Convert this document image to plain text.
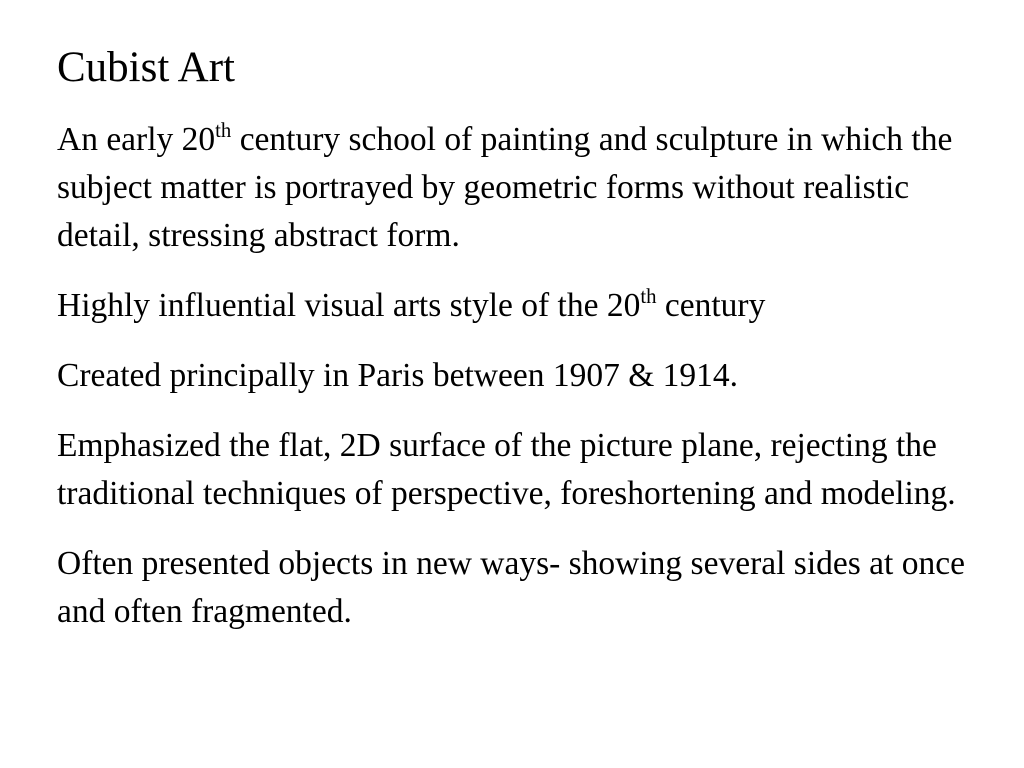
Cubist Art

An early 20th century school of painting and sculpture in which the subject matter is portrayed by geometric forms without realistic detail, stressing abstract form.

Highly influential visual arts style of the 20th century

Created principally in Paris between 1907 & 1914.

Emphasized the flat, 2D surface of the picture plane, rejecting the traditional techniques of perspective, foreshortening and modeling.

Often presented objects in new ways- showing several sides at once and often fragmented.
